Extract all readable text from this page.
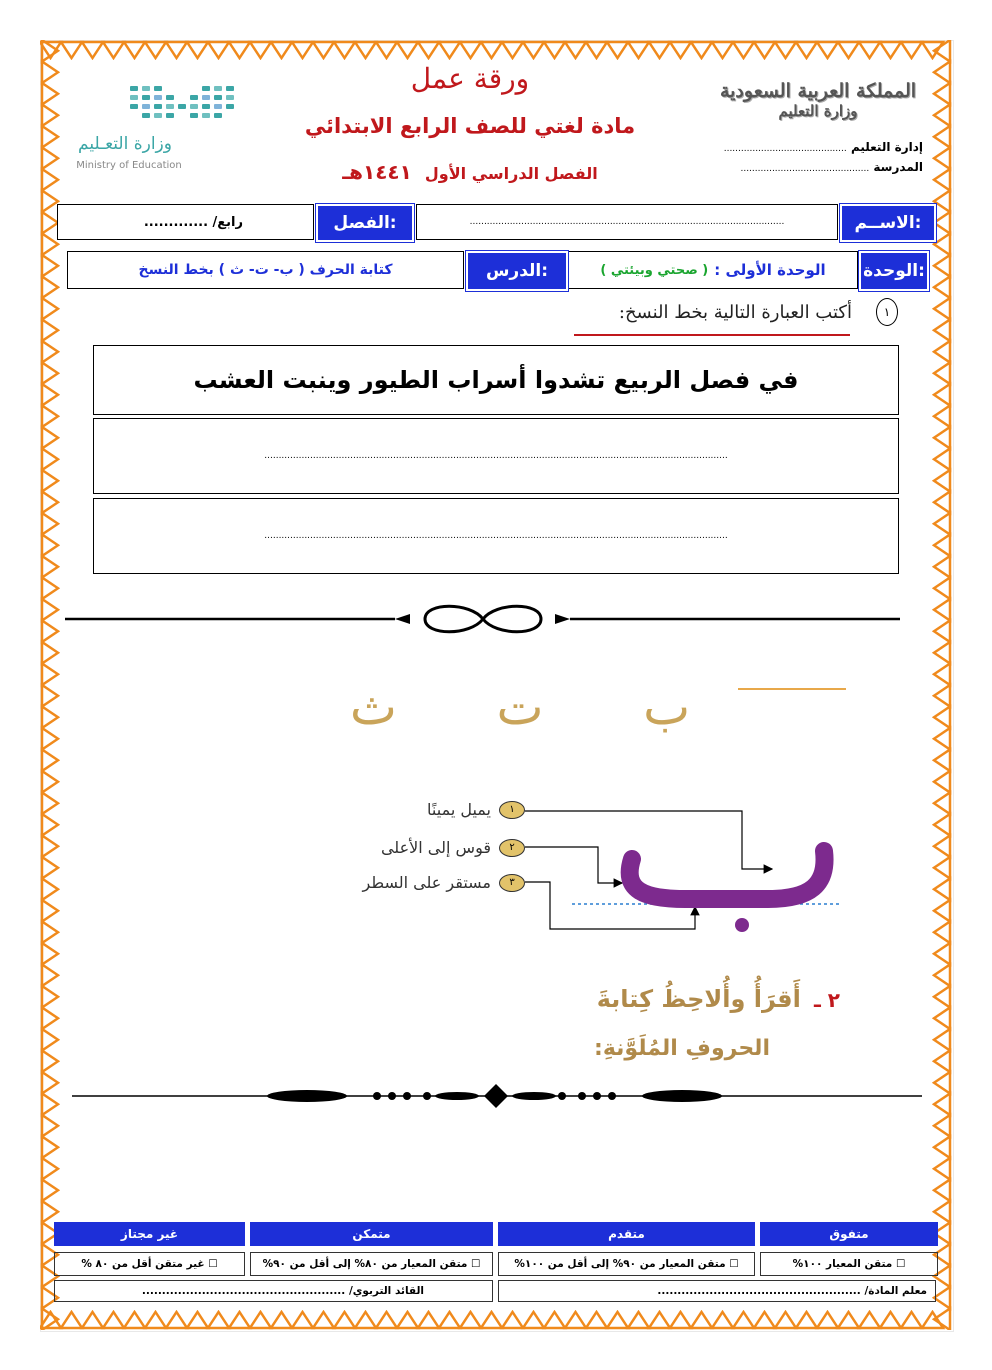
المملكة العربية السعودية
وزارة التعليم
إدارة التعليم ...........................................
المدرسة .............................................
ورقة عمل
مادة لغتي للصف الرابع الابتدائي
الفصل الدراسي الأول ١٤٤١هـ
وزارة التعـليم
Ministry of Education
الاســم:
..............................................................................................................
الفصل:
رابع/ .............
الوحدة:
الوحدة الأولى :
( صحتي وبيئتي )
الدرس:
كتابة الحرف ( ب- ت- ث ) بخط النسخ
١
أكتب العبارة التالية بخط النسخ:
في فصل الربيع تشدوا أسراب الطيور وينبت العشب
..................................................................................................................................................................
..................................................................................................................................................................
ب
ت
ث
١
يميل يمينًا
٢
قوس إلى الأعلى
٣
مستقر على السطر
٢ ـ أَقرَأُ وأُلاحِظُ كِتابةَ
الحروفِ المُلَوَّنةِ:
متفوق
متقدم
متمكن
غير مجتاز
☐ متقن المعيار ١٠٠%
☐ متقن المعيار من ٩٠% إلى أقل من ١٠٠%
☐ متقن المعيار من ٨٠% إلى أقل من ٩٠%
☐ غير متقن أقل من ٨٠ %
معلم المادة/ ...................................................
القائد التربوي/ ...................................................
